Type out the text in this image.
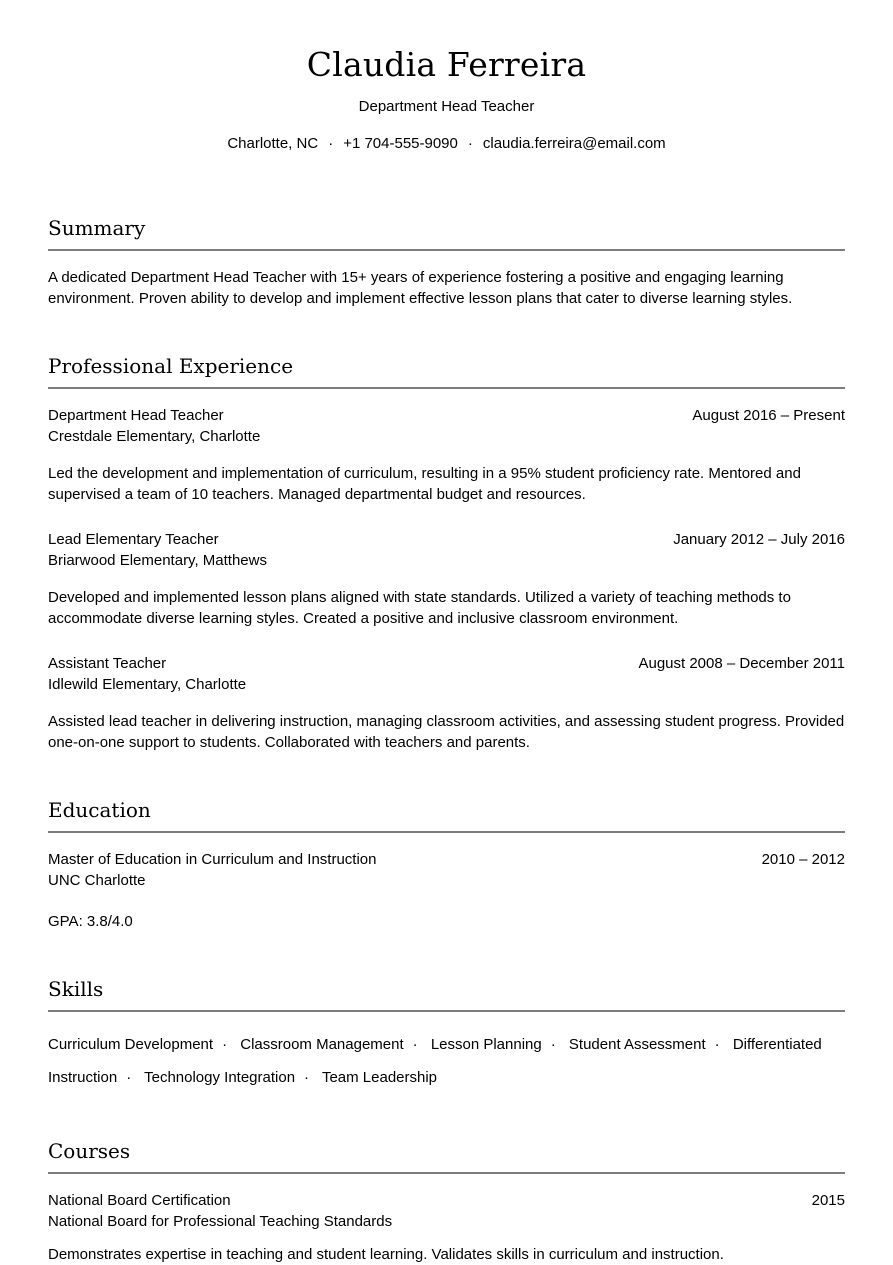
Claudia Ferreira

Department Head Teacher

Charlotte, NC · +1 704-555-9090 · claudia.ferreira@email.com

Summary

A dedicated Department Head Teacher with 15+ years of experience fostering a positive and engaging learning environment. Proven ability to develop and implement effective lesson plans that cater to diverse learning styles.

Professional Experience

Department Head Teacher

Crestdale Elementary, Charlotte

August 2016 – Present

Led the development and implementation of curriculum, resulting in a 95% student proficiency rate. Mentored and supervised a team of 10 teachers. Managed departmental budget and resources.

Lead Elementary Teacher

Briarwood Elementary, Matthews

January 2012 – July 2016

Developed and implemented lesson plans aligned with state standards. Utilized a variety of teaching methods to accommodate diverse learning styles. Created a positive and inclusive classroom environment.

Assistant Teacher

Idlewild Elementary, Charlotte

August 2008 – December 2011

Assisted lead teacher in delivering instruction, managing classroom activities, and assessing student progress. Provided one-on-one support to students. Collaborated with teachers and parents.

Education

Master of Education in Curriculum and Instruction

UNC Charlotte

2010 – 2012

GPA: 3.8/4.0

Skills

Curriculum Development · Classroom Management · Lesson Planning · Student Assessment · Differentiated Instruction · Technology Integration · Team Leadership

Courses

National Board Certification

National Board for Professional Teaching Standards

2015

Demonstrates expertise in teaching and student learning. Validates skills in curriculum and instruction.
